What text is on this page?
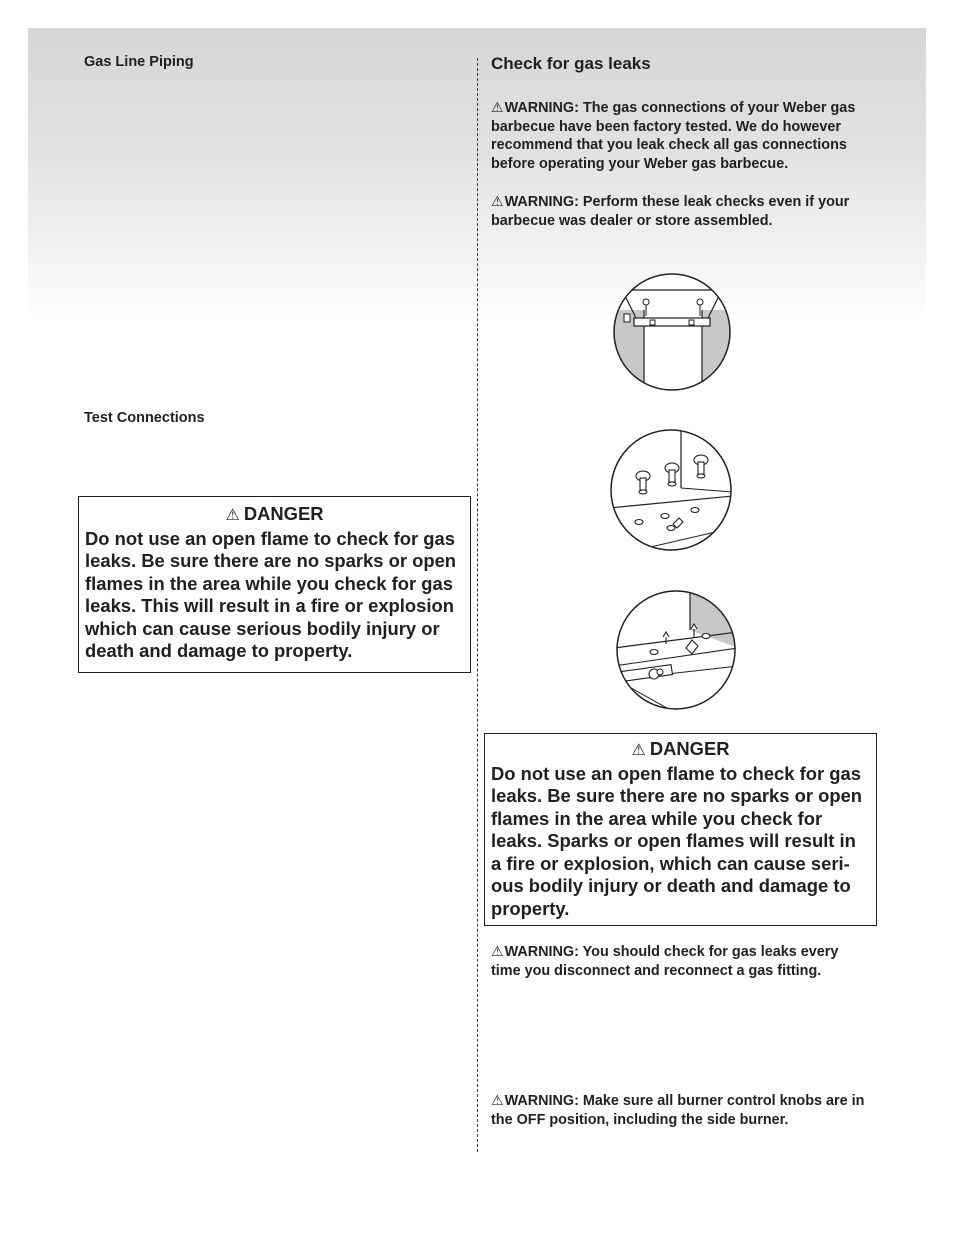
Gas Line Piping
Test Connections
⚠ DANGER
Do not use an open flame to check for gas leaks. Be sure there are no sparks or open flames in the area while you check for gas leaks. This will result in a fire or explosion which can cause serious bodily injury or death and damage to property.
Check for gas leaks

⚠WARNING: The gas connections of your Weber gas barbecue have been factory tested. We do however recommend that you leak check all gas connections before operating your Weber gas barbecue.

⚠WARNING: Perform these leak checks even if your barbecue was dealer or store assembled.

⚠ DANGER
Do not use an open flame to check for gas leaks. Be sure there are no sparks or open flames in the area while you check for leaks. Sparks or open flames will result in a fire or explosion, which can cause seri-ous bodily injury or death and damage to property.

⚠WARNING: You should check for gas leaks every time you disconnect and reconnect a gas fitting.

⚠WARNING: Make sure all burner control knobs are in the OFF position, including the side burner.
